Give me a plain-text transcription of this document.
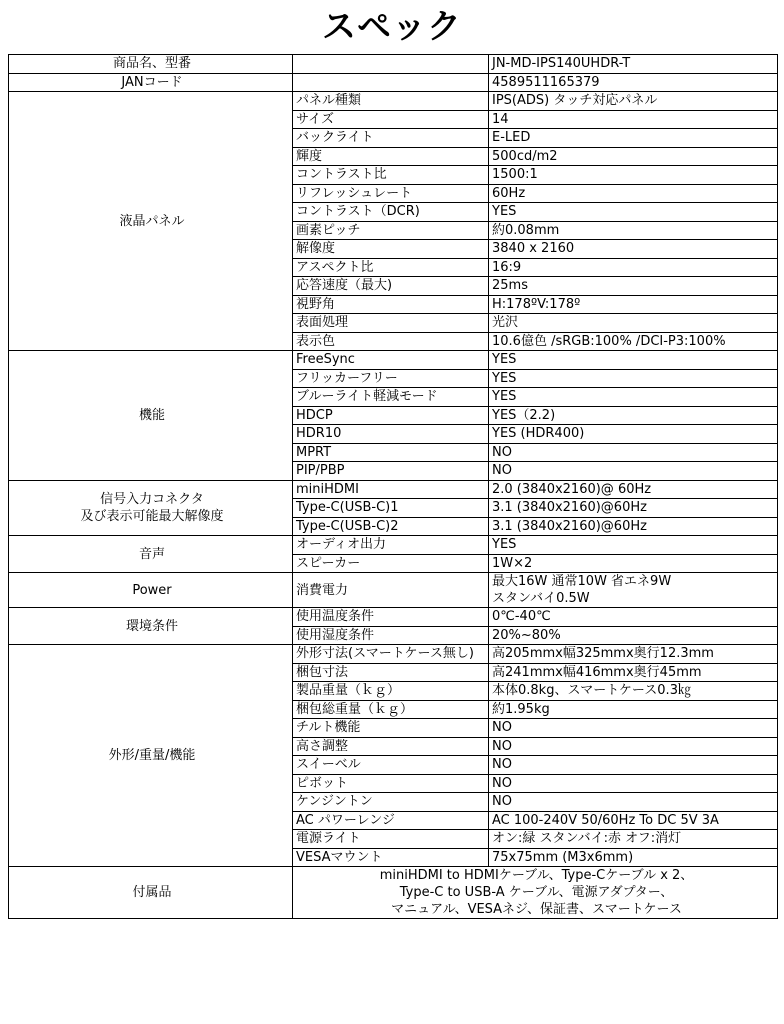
スペック
商品名、型番		JN-MD-IPS140UHDR-T
JANコード		4589511165379
液晶パネル	パネル種類	IPS(ADS) タッチ対応パネル
	サイズ	14
	バックライト	E-LED
	輝度	500cd/m2
	コントラスト比	1500:1
	リフレッシュレート	60Hz
	コントラスト（DCR)	YES
	画素ピッチ	約0.08mm
	解像度	3840 x 2160
	アスペクト比	16:9
	応答速度（最大)	25ms
	視野角	H:178ºV:178º
	表面処理	光沢
	表示色	10.6億色 /sRGB:100% /DCI-P3:100%
機能	FreeSync	YES
	フリッカーフリー	YES
	ブルーライト軽減モード	YES
	HDCP	YES（2.2)
	HDR10	YES (HDR400)
	MPRT	NO
	PIP/PBP	NO

信号入力コネクタ
及び表示可能最大解像度	miniHDMI	2.0 (3840x2160)@ 60Hz
	Type-C(USB-C)1	3.1 (3840x2160)@60Hz
	Type-C(USB-C)2	3.1 (3840x2160)@60Hz
音声	オーディオ出力	YES
	スピーカー	1W×2
Power	消費電力	最大16W 通常10W 省エネ9W
スタンバイ0.5W

環境条件	使用温度条件	0℃-40℃
	使用湿度条件	20%~80%
外形/重量/機能	外形寸法(スマートケース無し)	高205mmx幅325mmx奥行12.3mm
	梱包寸法	高241mmx幅416mmx奥行45mm
	製品重量（ｋｇ）	本体0.8kg、スマートケース0.3㎏
	梱包総重量（ｋｇ）	約1.95kg
	チルト機能	NO
	高さ調整	NO
	スイーベル	NO
	ピボット	NO
	ケンジントン	NO
	AC パワーレンジ	AC 100-240V 50/60Hz To DC 5V 3A
	電源ライト	オン:緑 スタンバイ:赤 オフ:消灯
	VESAマウント	75x75mm (M3x6mm)
付属品	miniHDMI to HDMIケーブル、Type-Cケーブル x 2、
Type-C to USB-A ケーブル、電源アダプター、
マニュアル、VESAネジ、保証書、スマートケース	
